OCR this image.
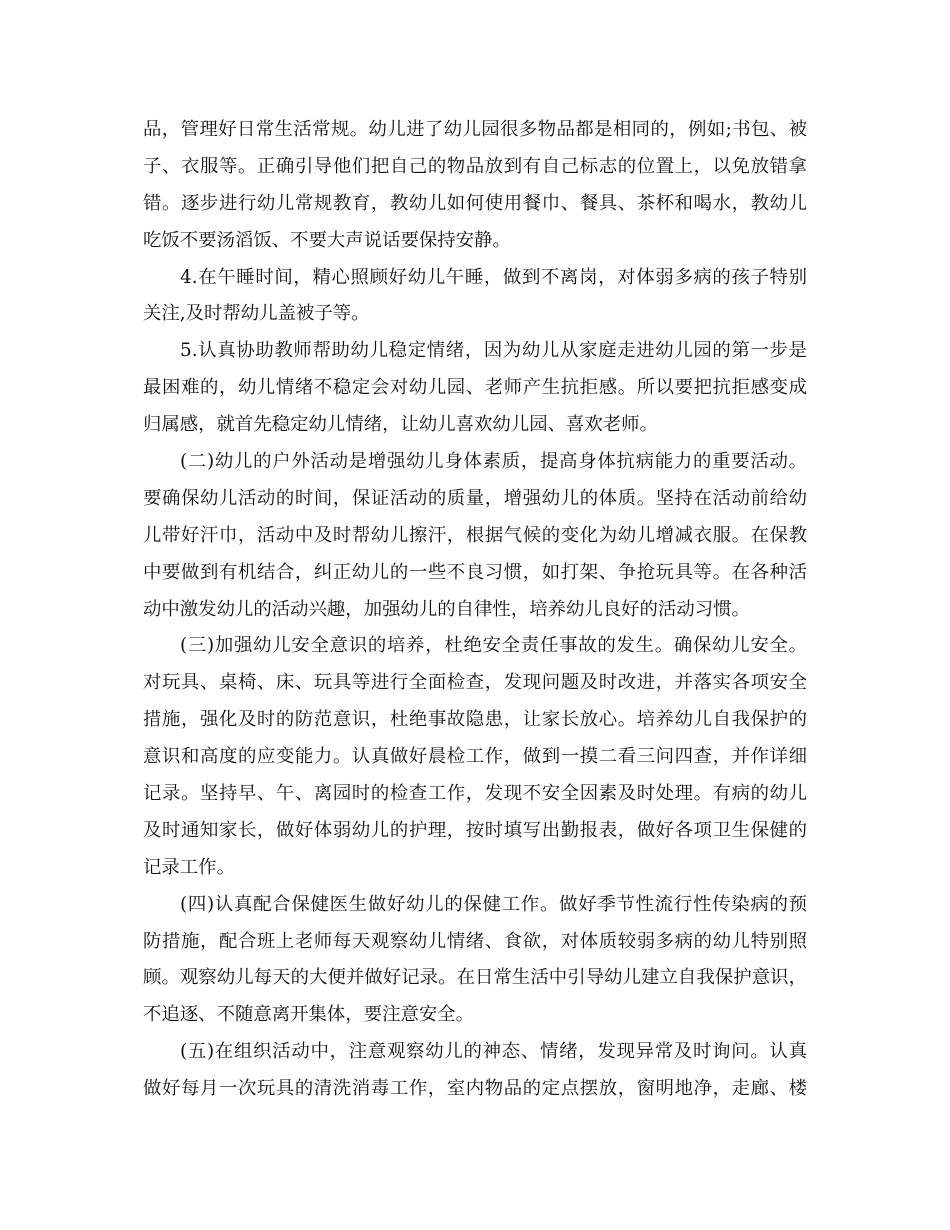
品，管理好日常生活常规。幼儿进了幼儿园很多物品都是相同的，例如;书包、被
子、衣服等。正确引导他们把自己的物品放到有自己标志的位置上，以免放错拿
错。逐步进行幼儿常规教育，教幼儿如何使用餐巾、餐具、茶杯和喝水，教幼儿
吃饭不要汤滔饭、不要大声说话要保持安静。
4.在午睡时间，精心照顾好幼儿午睡，做到不离岗，对体弱多病的孩子特别
关注,及时帮幼儿盖被子等。
5.认真协助教师帮助幼儿稳定情绪，因为幼儿从家庭走进幼儿园的第一步是
最困难的，幼儿情绪不稳定会对幼儿园、老师产生抗拒感。所以要把抗拒感变成
归属感，就首先稳定幼儿情绪，让幼儿喜欢幼儿园、喜欢老师。
(二)幼儿的户外活动是增强幼儿身体素质，提高身体抗病能力的重要活动。
要确保幼儿活动的时间，保证活动的质量，增强幼儿的体质。坚持在活动前给幼
儿带好汗巾，活动中及时帮幼儿擦汗，根据气候的变化为幼儿增减衣服。在保教
中要做到有机结合，纠正幼儿的一些不良习惯，如打架、争抢玩具等。在各种活
动中激发幼儿的活动兴趣，加强幼儿的自律性，培养幼儿良好的活动习惯。
(三)加强幼儿安全意识的培养，杜绝安全责任事故的发生。确保幼儿安全。
对玩具、桌椅、床、玩具等进行全面检查，发现问题及时改进，并落实各项安全
措施，强化及时的防范意识，杜绝事故隐患，让家长放心。培养幼儿自我保护的
意识和高度的应变能力。认真做好晨检工作，做到一摸二看三问四查，并作详细
记录。坚持早、午、离园时的检查工作，发现不安全因素及时处理。有病的幼儿
及时通知家长，做好体弱幼儿的护理，按时填写出勤报表，做好各项卫生保健的
记录工作。
(四)认真配合保健医生做好幼儿的保健工作。做好季节性流行性传染病的预
防措施，配合班上老师每天观察幼儿情绪、食欲，对体质较弱多病的幼儿特别照
顾。观察幼儿每天的大便并做好记录。在日常生活中引导幼儿建立自我保护意识，
不追逐、不随意离开集体，要注意安全。
(五)在组织活动中，注意观察幼儿的神态、情绪，发现异常及时询问。认真
做好每月一次玩具的清洗消毒工作，室内物品的定点摆放，窗明地净，走廊、楼
